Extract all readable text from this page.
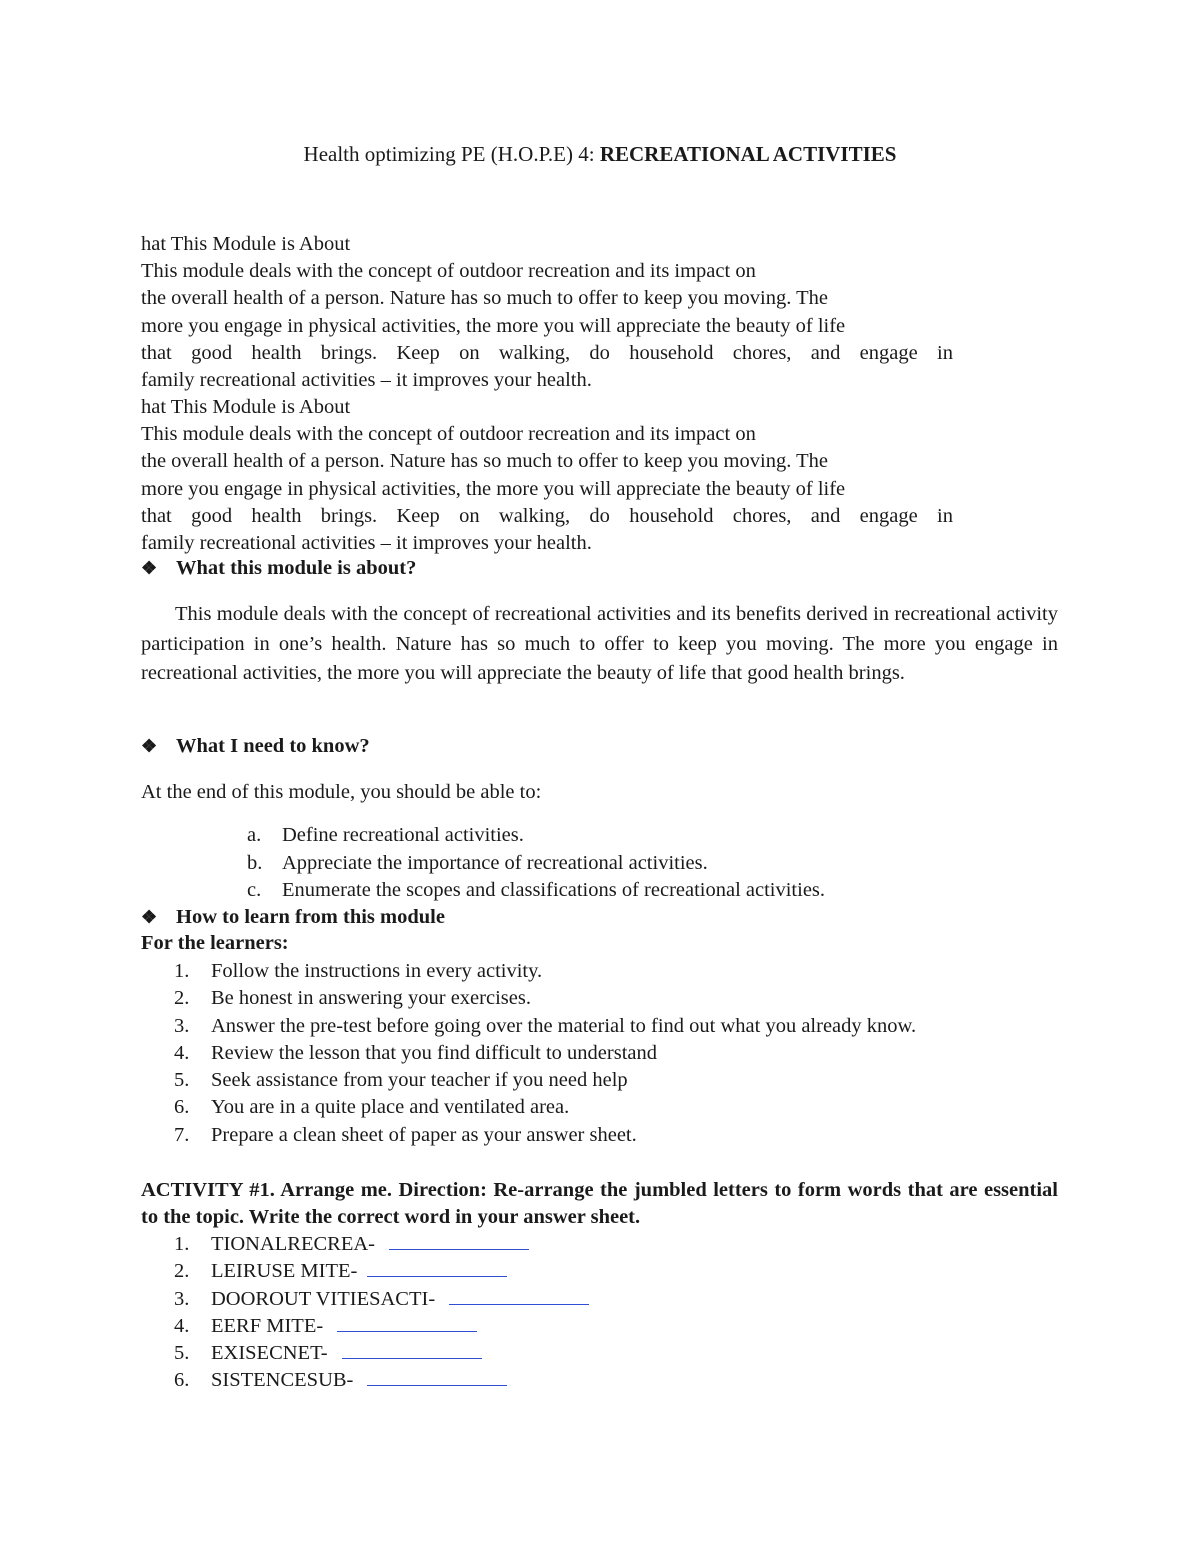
Health optimizing PE (H.O.P.E) 4: RECREATIONAL ACTIVITIES
hat This Module is About
This module deals with the concept of outdoor recreation and its impact on
the overall health of a person. Nature has so much to offer to keep you moving. The
more you engage in physical activities, the more you will appreciate the beauty of life
that good health brings. Keep on walking, do household chores, and engage in
family recreational activities – it improves your health.
hat This Module is About
This module deals with the concept of outdoor recreation and its impact on
the overall health of a person. Nature has so much to offer to keep you moving. The
more you engage in physical activities, the more you will appreciate the beauty of life
that good health brings. Keep on walking, do household chores, and engage in
family recreational activities – it improves your health.
❖ What this module is about?
This module deals with the concept of recreational activities and its benefits derived in recreational activity participation in one’s health. Nature has so much to offer to keep you moving. The more you engage in recreational activities, the more you will appreciate the beauty of life that good health brings.
❖ What I need to know?
At the end of this module, you should be able to:
a. Define recreational activities.
b. Appreciate the importance of recreational activities.
c. Enumerate the scopes and classifications of recreational activities.
❖ How to learn from this module
For the learners:
1. Follow the instructions in every activity.
2. Be honest in answering your exercises.
3. Answer the pre-test before going over the material to find out what you already know.
4. Review the lesson that you find difficult to understand
5. Seek assistance from your teacher if you need help
6. You are in a quite place and ventilated area.
7. Prepare a clean sheet of paper as your answer sheet.
ACTIVITY #1. Arrange me. Direction: Re-arrange the jumbled letters to form words that are essential to the topic. Write the correct word in your answer sheet.
1. TIONALRECREA-
2. LEIRUSE MITE-
3. DOOROUT VITIESACTI-
4. EERF MITE-
5. EXISECNET-
6. SISTENCESUB-
